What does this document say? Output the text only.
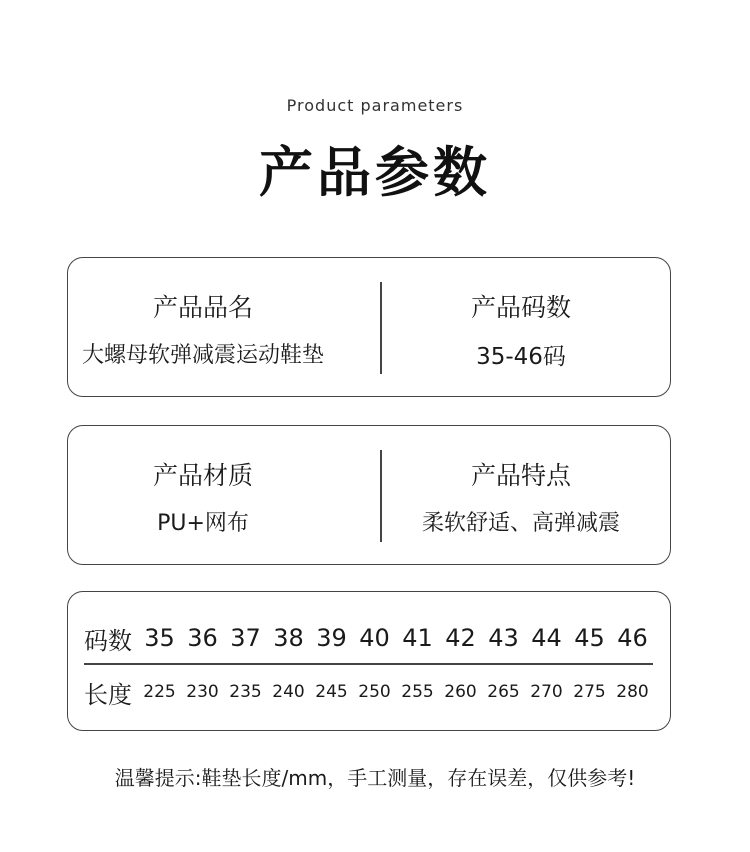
Product parameters
产品参数
产品品名
大螺母软弹减震运动鞋垫
产品码数
35-46码
产品材质
PU+网布
产品特点
柔软舒适、高弹减震
码数 35 36 37 38 39 40 41 42 43 44 45 46
长度 225 230 235 240 245 250 255 260 265 270 275 280
温馨提示:鞋垫长度/mm，手工测量，存在误差，仅供参考!
